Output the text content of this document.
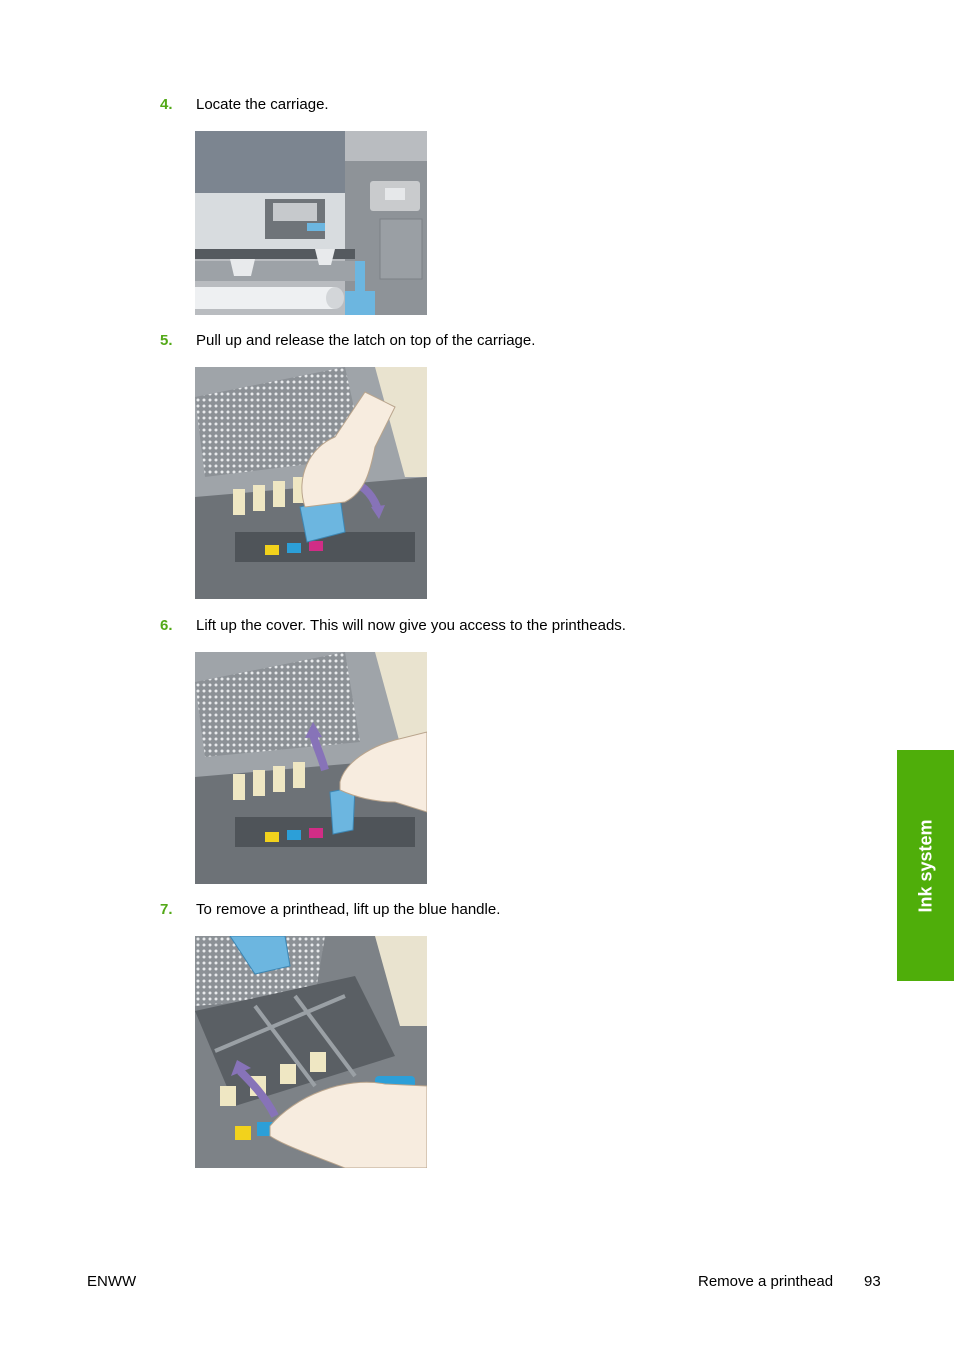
4. Locate the carriage.
5. Pull up and release the latch on top of the carriage.
6. Lift up the cover. This will now give you access to the printheads.
7. To remove a printhead, lift up the blue handle.	Ink system
ENWW	Remove a printhead 93
